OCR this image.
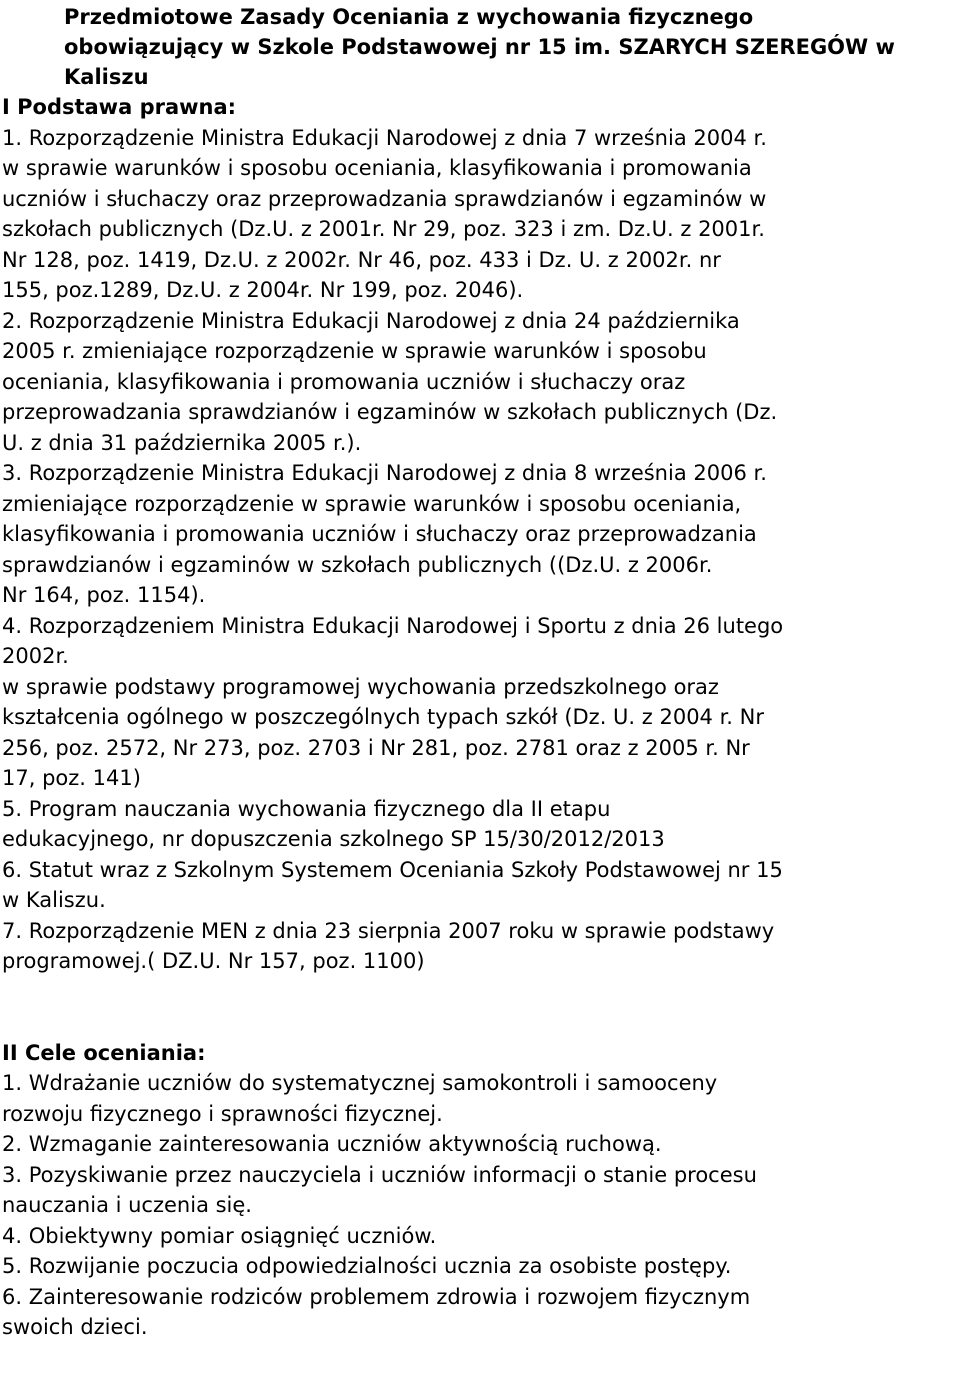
Przedmiotowe Zasady Oceniania z wychowania fizycznego obowiązujący w Szkole Podstawowej nr 15 im. SZARYCH SZEREGÓW w Kaliszu
I Podstawa prawna:

1. Rozporządzenie Ministra Edukacji Narodowej z dnia 7 września 2004 r.
w sprawie warunków i sposobu oceniania, klasyfikowania i promowania
uczniów i słuchaczy oraz przeprowadzania sprawdzianów i egzaminów w
szkołach publicznych (Dz.U. z 2001r. Nr 29, poz. 323 i zm. Dz.U. z 2001r.
Nr 128, poz. 1419, Dz.U. z 2002r. Nr 46, poz. 433 i Dz. U. z 2002r. nr
155, poz.1289, Dz.U. z 2004r. Nr 199, poz. 2046).

2. Rozporządzenie Ministra Edukacji Narodowej z dnia 24 października
2005 r. zmieniające rozporządzenie w sprawie warunków i sposobu
oceniania, klasyfikowania i promowania uczniów i słuchaczy oraz
przeprowadzania sprawdzianów i egzaminów w szkołach publicznych (Dz.
U. z dnia 31 października 2005 r.).

3. Rozporządzenie Ministra Edukacji Narodowej z dnia 8 września 2006 r.
zmieniające rozporządzenie w sprawie warunków i sposobu oceniania,
klasyfikowania i promowania uczniów i słuchaczy oraz przeprowadzania
sprawdzianów i egzaminów w szkołach publicznych ((Dz.U. z 2006r.
Nr 164, poz. 1154).

4. Rozporządzeniem Ministra Edukacji Narodowej i Sportu z dnia 26 lutego
2002r.
w sprawie podstawy programowej wychowania przedszkolnego oraz
kształcenia ogólnego w poszczególnych typach szkół (Dz. U. z 2004 r. Nr
256, poz. 2572, Nr 273, poz. 2703 i Nr 281, poz. 2781 oraz z 2005 r. Nr
17, poz. 141)

5. Program nauczania wychowania fizycznego dla II etapu
edukacyjnego, nr dopuszczenia szkolnego SP 15/30/2012/2013

6. Statut wraz z Szkolnym Systemem Oceniania Szkoły Podstawowej nr 15
w Kaliszu.

7. Rozporządzenie MEN z dnia 23 sierpnia 2007 roku w sprawie podstawy
programowej.( DZ.U. Nr 157, poz. 1100)

II Cele oceniania:

1. Wdrażanie uczniów do systematycznej samokontroli i samooceny
rozwoju fizycznego i sprawności fizycznej.

2. Wzmaganie zainteresowania uczniów aktywnością ruchową.

3. Pozyskiwanie przez nauczyciela i uczniów informacji o stanie procesu
nauczania i uczenia się.

4. Obiektywny pomiar osiągnięć uczniów.

5. Rozwijanie poczucia odpowiedzialności ucznia za osobiste postępy.

6. Zainteresowanie rodziców problemem zdrowia i rozwojem fizycznym
swoich dzieci.
